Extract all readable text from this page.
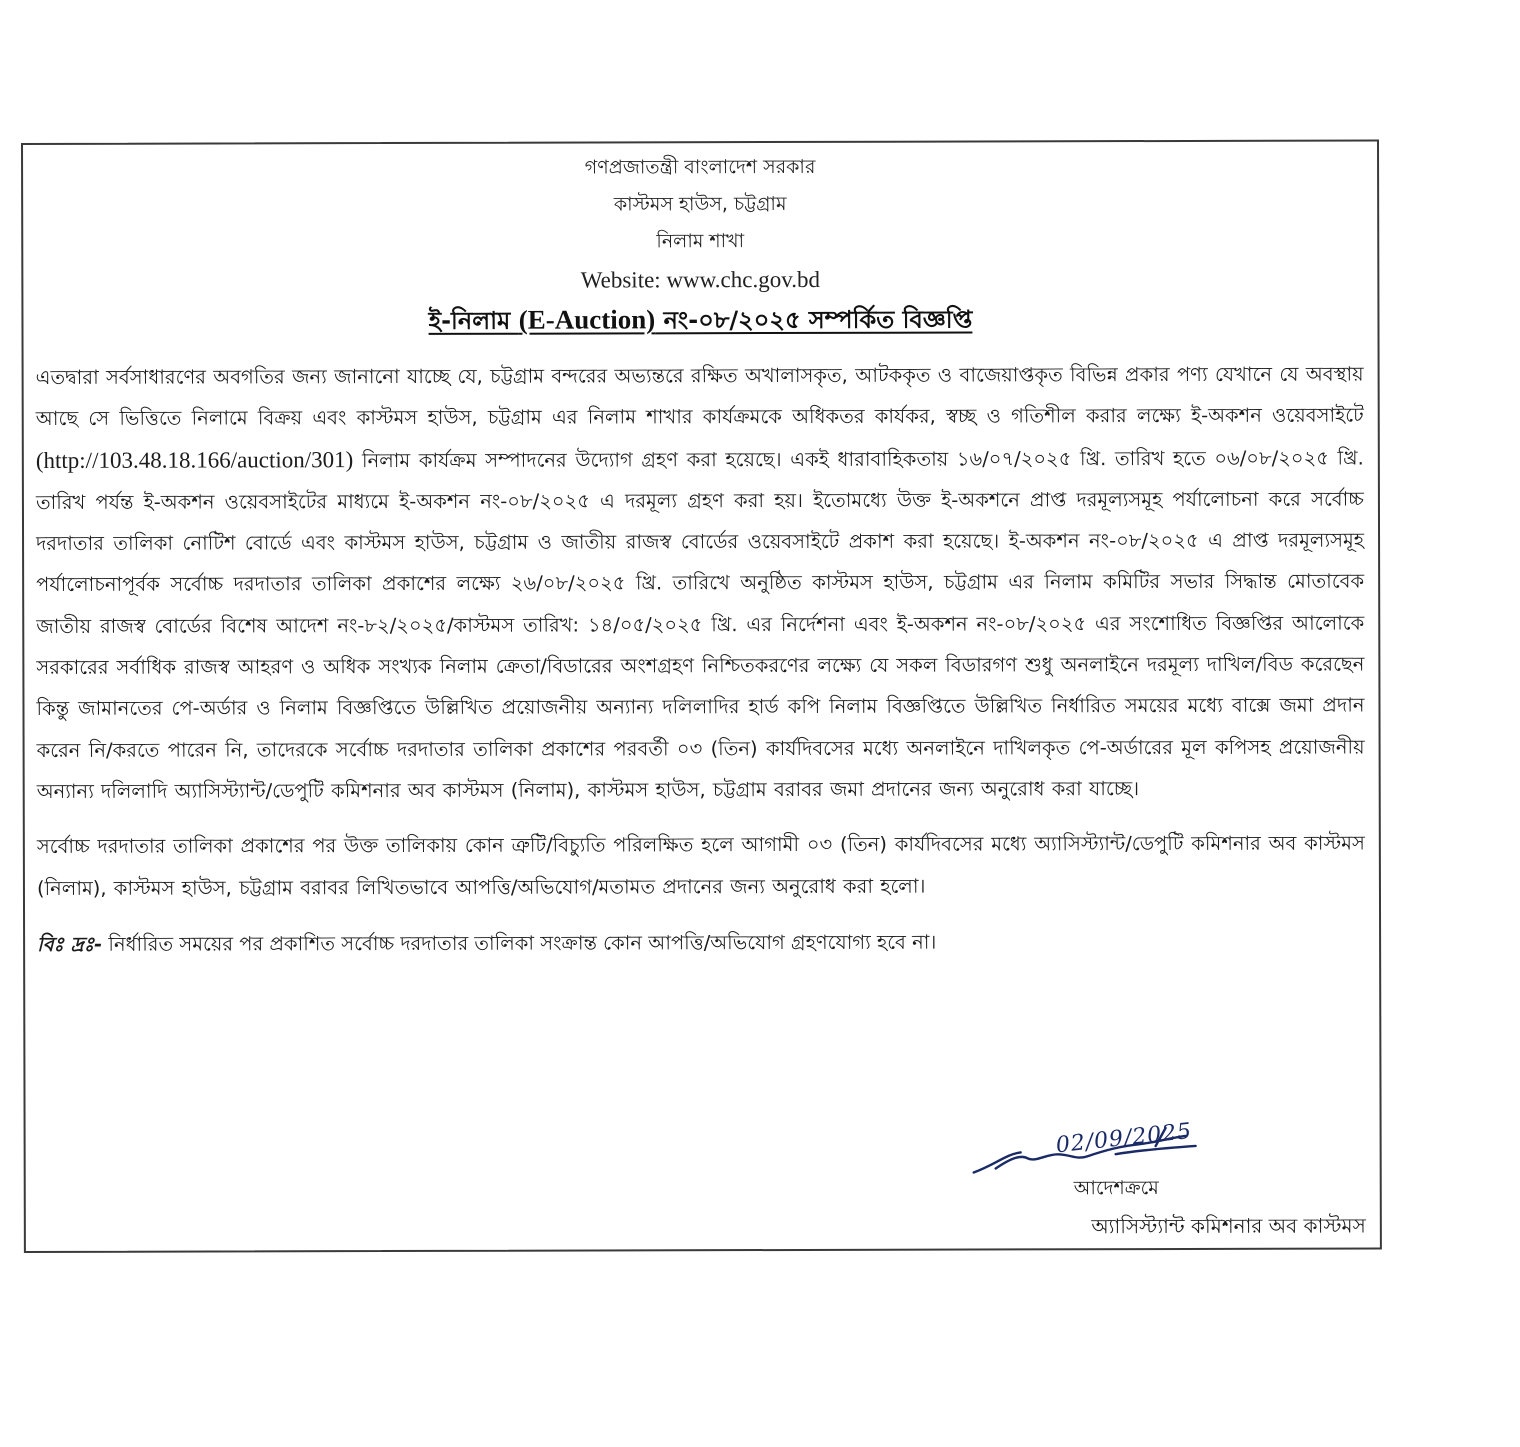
গণপ্রজাতন্ত্রী বাংলাদেশ সরকার
কাস্টমস হাউস, চট্টগ্রাম
নিলাম শাখা
Website: www.chc.gov.bd
ই-নিলাম (E-Auction) নং-০৮/২০২৫ সম্পর্কিত বিজ্ঞপ্তি

এতদ্বারা সর্বসাধারণের অবগতির জন্য জানানো যাচ্ছে যে, চট্টগ্রাম বন্দরের অভ্যন্তরে রক্ষিত অখালাসকৃত, আটককৃত ও বাজেয়াপ্তকৃত বিভিন্ন প্রকার পণ্য যেখানে যে অবস্থায় আছে সে ভিত্তিতে নিলামে বিক্রয় এবং কাস্টমস হাউস, চট্টগ্রাম এর নিলাম শাখার কার্যক্রমকে অধিকতর কার্যকর, স্বচ্ছ ও গতিশীল করার লক্ষ্যে ই-অকশন ওয়েবসাইটে (http://103.48.18.166/auction/301) নিলাম কার্যক্রম সম্পাদনের উদ্যোগ গ্রহণ করা হয়েছে। একই ধারাবাহিকতায় ১৬/০৭/২০২৫ খ্রি. তারিখ হতে ০৬/০৮/২০২৫ খ্রি. তারিখ পর্যন্ত ই-অকশন ওয়েবসাইটের মাধ্যমে ই-অকশন নং-০৮/২০২৫ এ দরমূল্য গ্রহণ করা হয়। ইতোমধ্যে উক্ত ই-অকশনে প্রাপ্ত দরমূল্যসমূহ পর্যালোচনা করে সর্বোচ্চ দরদাতার তালিকা নোটিশ বোর্ডে এবং কাস্টমস হাউস, চট্টগ্রাম ও জাতীয় রাজস্ব বোর্ডের ওয়েবসাইটে প্রকাশ করা হয়েছে। ই-অকশন নং-০৮/২০২৫ এ প্রাপ্ত দরমূল্যসমূহ পর্যালোচনাপূর্বক সর্বোচ্চ দরদাতার তালিকা প্রকাশের লক্ষ্যে ২৬/০৮/২০২৫ খ্রি. তারিখে অনুষ্ঠিত কাস্টমস হাউস, চট্টগ্রাম এর নিলাম কমিটির সভার সিদ্ধান্ত মোতাবেক জাতীয় রাজস্ব বোর্ডের বিশেষ আদেশ নং-৮২/২০২৫/কাস্টমস তারিখ: ১৪/০৫/২০২৫ খ্রি. এর নির্দেশনা এবং ই-অকশন নং-০৮/২০২৫ এর সংশোধিত বিজ্ঞপ্তির আলোকে সরকারের সর্বাধিক রাজস্ব আহরণ ও অধিক সংখ্যক নিলাম ক্রেতা/বিডারের অংশগ্রহণ নিশ্চিতকরণের লক্ষ্যে যে সকল বিডারগণ শুধু অনলাইনে দরমূল্য দাখিল/বিড করেছেন কিন্তু জামানতের পে-অর্ডার ও নিলাম বিজ্ঞপ্তিতে উল্লিখিত প্রয়োজনীয় অন্যান্য দলিলাদির হার্ড কপি নিলাম বিজ্ঞপ্তিতে উল্লিখিত নির্ধারিত সময়ের মধ্যে বাক্সে জমা প্রদান করেন নি/করতে পারেন নি, তাদেরকে সর্বোচ্চ দরদাতার তালিকা প্রকাশের পরবর্তী ০৩ (তিন) কার্যদিবসের মধ্যে অনলাইনে দাখিলকৃত পে-অর্ডারের মূল কপিসহ প্রয়োজনীয় অন্যান্য দলিলাদি অ্যাসিস্ট্যান্ট/ডেপুটি কমিশনার অব কাস্টমস (নিলাম), কাস্টমস হাউস, চট্টগ্রাম বরাবর জমা প্রদানের জন্য অনুরোধ করা যাচ্ছে।

সর্বোচ্চ দরদাতার তালিকা প্রকাশের পর উক্ত তালিকায় কোন ত্রুটি/বিচ্যুতি পরিলক্ষিত হলে আগামী ০৩ (তিন) কার্যদিবসের মধ্যে অ্যাসিস্ট্যান্ট/ডেপুটি কমিশনার অব কাস্টমস (নিলাম), কাস্টমস হাউস, চট্টগ্রাম বরাবর লিখিতভাবে আপত্তি/অভিযোগ/মতামত প্রদানের জন্য অনুরোধ করা হলো।

বিঃ দ্রঃ- নির্ধারিত সময়ের পর প্রকাশিত সর্বোচ্চ দরদাতার তালিকা সংক্রান্ত কোন আপত্তি/অভিযোগ গ্রহণযোগ্য হবে না।
02/09/2025
আদেশক্রমে
অ্যাসিস্ট্যান্ট কমিশনার অব কাস্টমস
